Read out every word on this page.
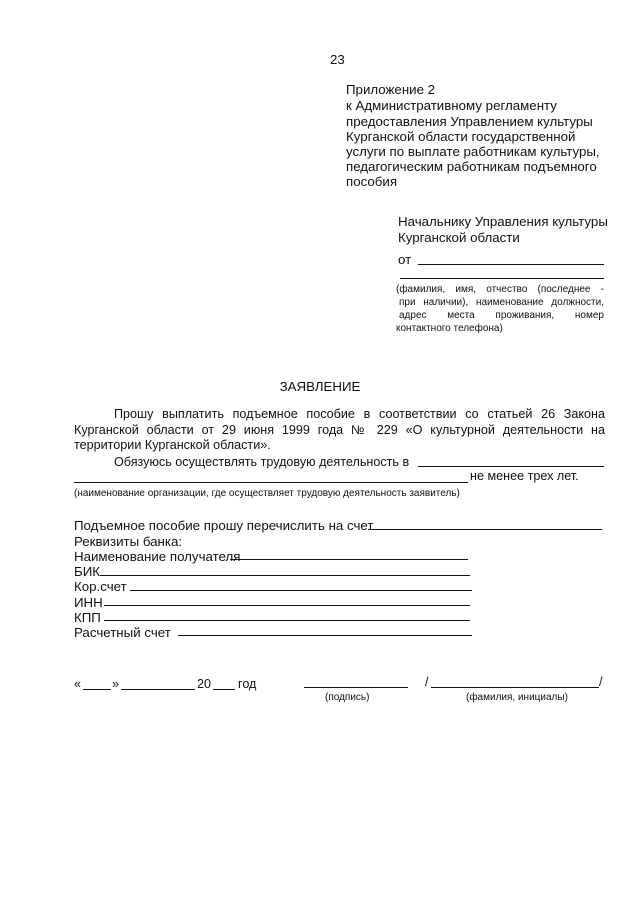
23
Приложение 2
к Административному регламенту
предоставления Управлением культуры
Курганской области государственной
услуги по выплате работникам культуры,
педагогическим работникам подъемного
пособия
Начальнику Управления культуры
Курганской области
от
(фамилия, имя, отчество (последнее -
при наличии), наименование должности,
адрес места проживания, номер
контактного телефона)
ЗАЯВЛЕНИЕ
Прошу выплатить подъемное пособие в соответствии со статьей 26 Закона
Курганской области от 29 июня 1999 года № 229 «О культурной деятельности на
территории Курганской области».
Обязуюсь осуществлять трудовую деятельность в
не менее трех лет.
(наименование организации, где осуществляет трудовую деятельность заявитель)
Подъемное пособие прошу перечислить на счет
Реквизиты банка:
Наименование получателя
БИК
Кор.счет
ИНН
КПП
Расчетный счет
« »	20 год
(подпись)
/	/
(фамилия, инициалы)
